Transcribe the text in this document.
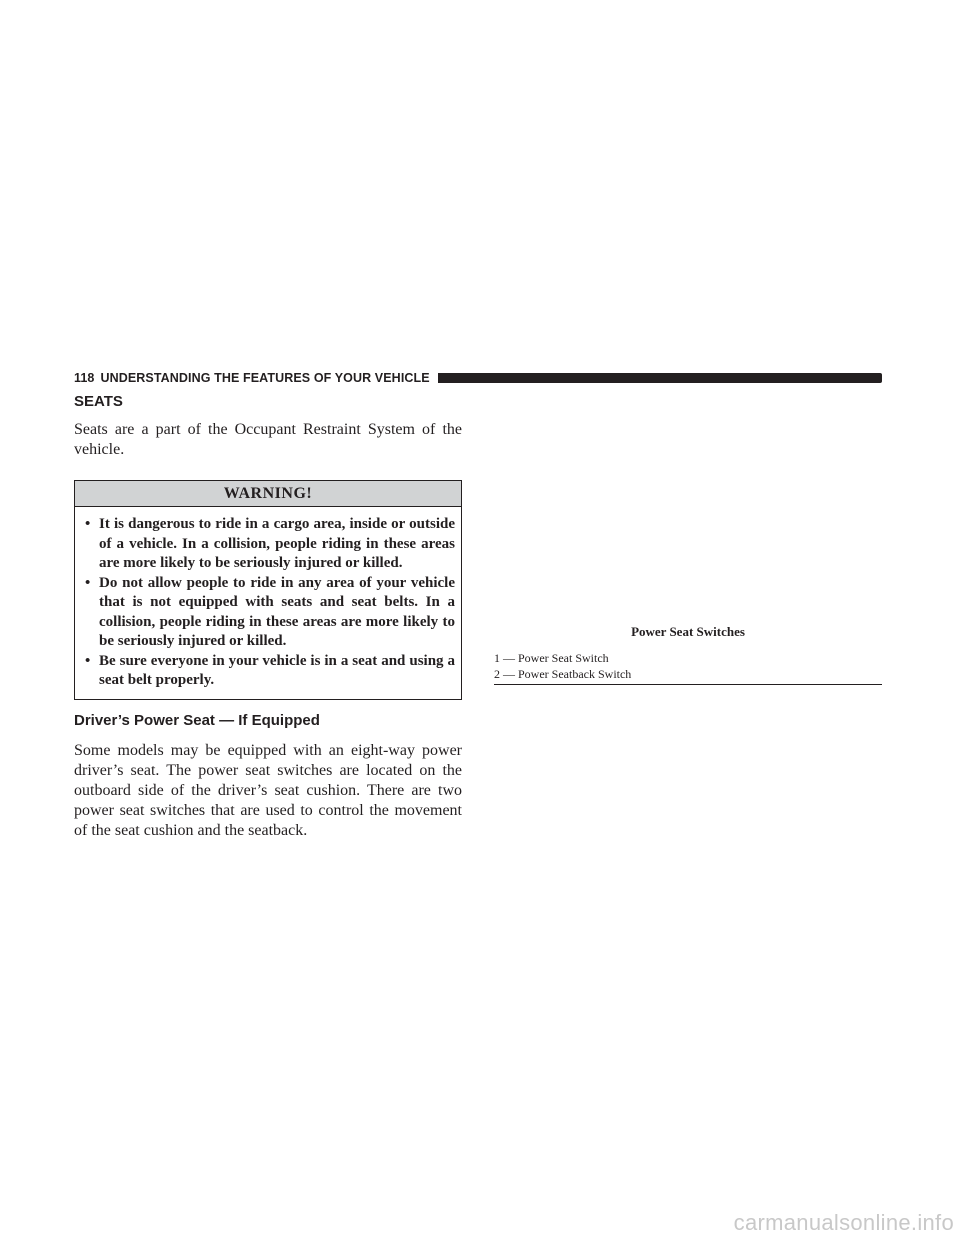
118 UNDERSTANDING THE FEATURES OF YOUR VEHICLE
SEATS

Seats are a part of the Occupant Restraint System of the vehicle.

WARNING!
• It is dangerous to ride in a cargo area, inside or outside of a vehicle. In a collision, people riding in these areas are more likely to be seriously injured or killed.
• Do not allow people to ride in any area of your vehicle that is not equipped with seats and seat belts. In a collision, people riding in these areas are more likely to be seriously injured or killed.
• Be sure everyone in your vehicle is in a seat and using a seat belt properly.
Driver’s Power Seat — If Equipped

Some models may be equipped with an eight-way power driver’s seat. The power seat switches are located on the outboard side of the driver’s seat cushion. There are two power seat switches that are used to control the movement of the seat cushion and the seatback.

Power Seat Switches
1 — Power Seat Switch
2 — Power Seatback Switch
carmanualsonline.info
